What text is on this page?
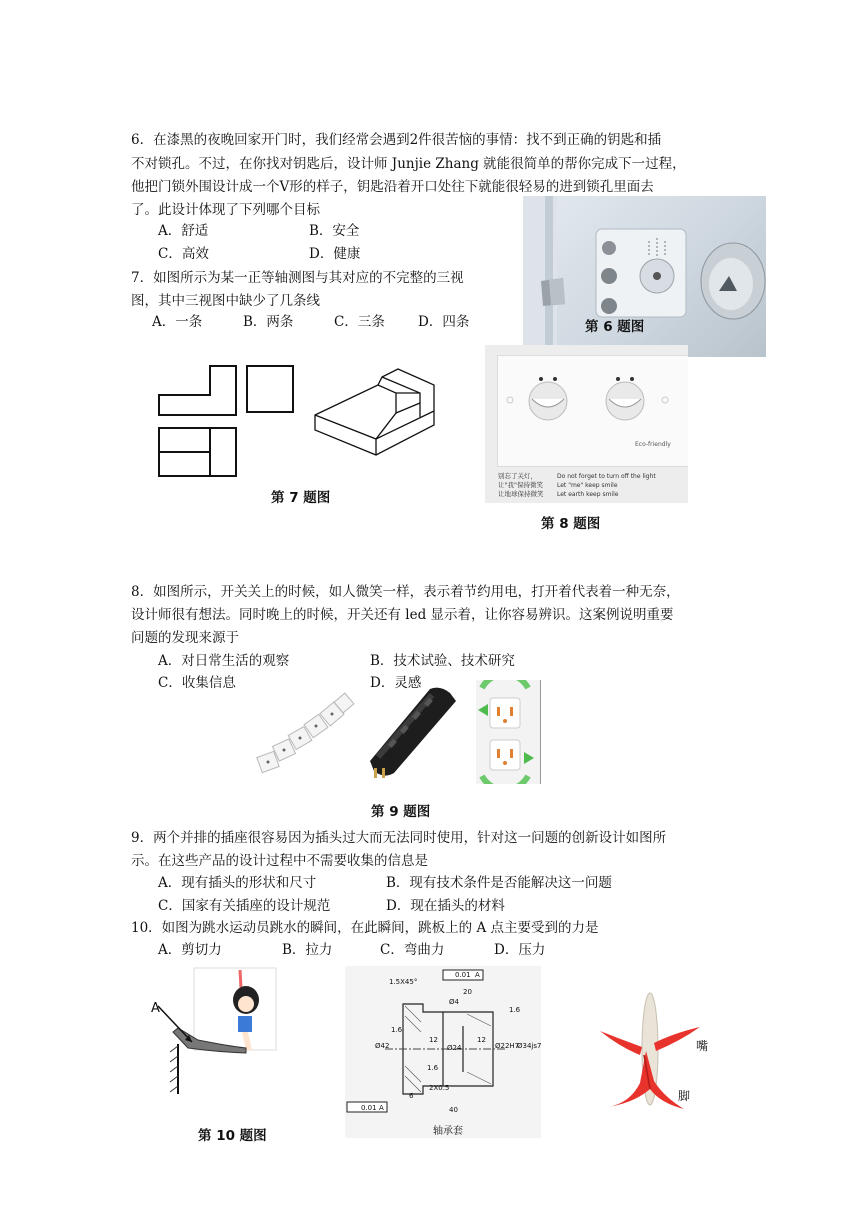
6．在漆黑的夜晚回家开门时，我们经常会遇到2件很苦恼的事情：找不到正确的钥匙和插
不对锁孔。不过，在你找对钥匙后，设计师 Junjie Zhang 就能很简单的帮你完成下一过程，
他把门锁外围设计成一个V形的样子，钥匙沿着开口处往下就能很轻易的进到锁孔里面去
了。此设计体现了下列哪个目标
A．舒适	B．安全
C．高效	D．健康
第 6 题图
7．如图所示为某一正等轴测图与其对应的不完整的三视
图，其中三视图中缺少了几条线
A．一条	B．两条	C．三条 D．四条
第 7 题图
Eco-friendly
别忘了关灯，
让"我"保持微笑
让地球保持微笑
Do not forget to turn off the light
Let "me" keep smile
Let earth keep smile
第 8 题图
8．如图所示，开关关上的时候，如人微笑一样，表示着节约用电，打开着代表着一种无奈，
设计师很有想法。同时晚上的时候，开关还有 led 显示着，让你容易辨识。这案例说明重要
问题的发现来源于
A．对日常生活的观察	B．技术试验、技术研究
C．收集信息	D．灵感
第 9 题图
9．两个并排的插座很容易因为插头过大而无法同时使用，针对这一问题的创新设计如图所
示。在这些产品的设计过程中不需要收集的信息是
A．现有插头的形状和尺寸	B．现有技术条件是否能解决这一问题
C．国家有关插座的设计规范	D．现在插头的材料
10．如图为跳水运动员跳水的瞬间，在此瞬间，跳板上的 A 点主要受到的力是
A．剪切力	B．拉力	C．弯曲力	D．压力
A
第 10 题图
1.5X45°
0.01 A
20
Ø4
1.6
Ø42
1.6
12
Ø24
12
Ø22H7
Ø34js7
1.6
2X0.5
6
40
0.01 A
轴承套
嘴
脚
